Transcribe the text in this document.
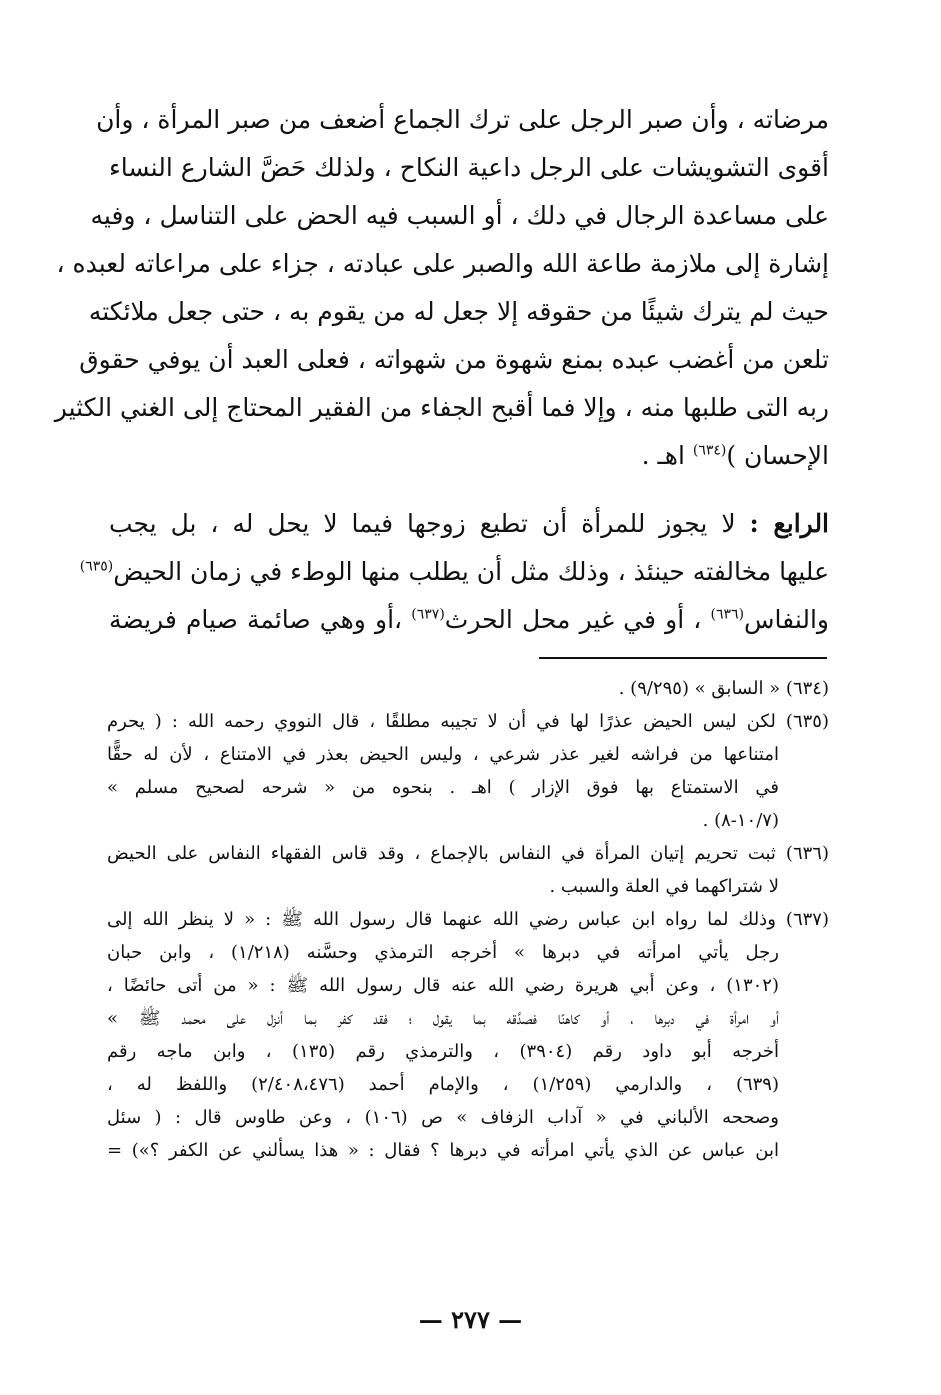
مرضاته ، وأن صبر الرجل على ترك الجماع أضعف من صبر المرأة ، وأن
أقوى التشويشات على الرجل داعية النكاح ، ولذلك حَضَّ الشارع النساء
على مساعدة الرجال في دلك ، أو السبب فيه الحض على التناسل ، وفيه
إشارة إلى ملازمة طاعة الله والصبر على عبادته ، جزاء على مراعاته لعبده ،
حيث لم يترك شيئًا من حقوقه إلا جعل له من يقوم به ، حتى جعل ملائكته
تلعن من أغضب عبده بمنع شهوة من شهواته ، فعلى العبد أن يوفي حقوق
ربه التى طلبها منه ، وإلا فما أقبح الجفاء من الفقير المحتاج إلى الغني الكثير
الإحسان )$^{(٦٣٤)}$ اهـ .
الرابع : لا يجوز للمرأة أن تطيع زوجها فيما لا يحل له ، بل يجب
عليها مخالفته حينئذ ، وذلك مثل أن يطلب منها الوطء في زمان الحيض$^{(٦٣٥)}$
والنفاس$^{(٦٣٦)}$ ، أو في غير محل الحرث$^{(٦٣٧)}$ ،أو وهي صائمة صيام فريضة
(٦٣٤) « السابق » (٩/٢٩٥) .
(٦٣٥) لكن ليس الحيض عذرًا لها في أن لا تجيبه مطلقًا ، قال النووي رحمه الله : ( يحرم
امتناعها من فراشه لغير عذر شرعي ، وليس الحيض بعذر في الامتناع ، لأن له حقًّا
في الاستمتاع بها فوق الإزار ) اهـ . بنحوه من « شرحه لصحيح مسلم »
(١٠/٧-٨) .
(٦٣٦) ثبت تحريم إتيان المرأة في النفاس بالإجماع ، وقد قاس الفقهاء النفاس على الحيض
لا شتراكهما في العلة والسبب .
(٦٣٧) وذلك لما رواه ابن عباس رضي الله عنهما قال رسول الله ﷺ : « لا ينظر الله إلى
رجل يأتي امرأته في دبرها » أخرجه الترمذي وحسَّنه (١/٢١٨) ، وابن حبان
(١٣٠٢) ، وعن أبي هريرة رضي الله عنه قال رسول الله ﷺ : « من أتى حائضًا ،
أو امرأة في دبرها ، أو كاهنًا فصدَّقه بما يقول ؛ فقد كفر بما أنزل على محمد ﷺ »
أخرجه أبو داود رقم (٣٩٠٤) ، والترمذي رقم (١٣٥) ، وابن ماجه رقم
(٦٣٩) ، والدارمي (١/٢٥٩) ، والإمام أحمد (٢/٤٠٨،٤٧٦) واللفظ له ،
وصححه الألباني في « آداب الزفاف » ص (١٠٦) ، وعن طاوس قال : ( سئل
ابن عباس عن الذي يأتي امرأته في دبرها ؟ فقال : « هذا يسألني عن الكفر ؟») =
— ٢٧٧ —
